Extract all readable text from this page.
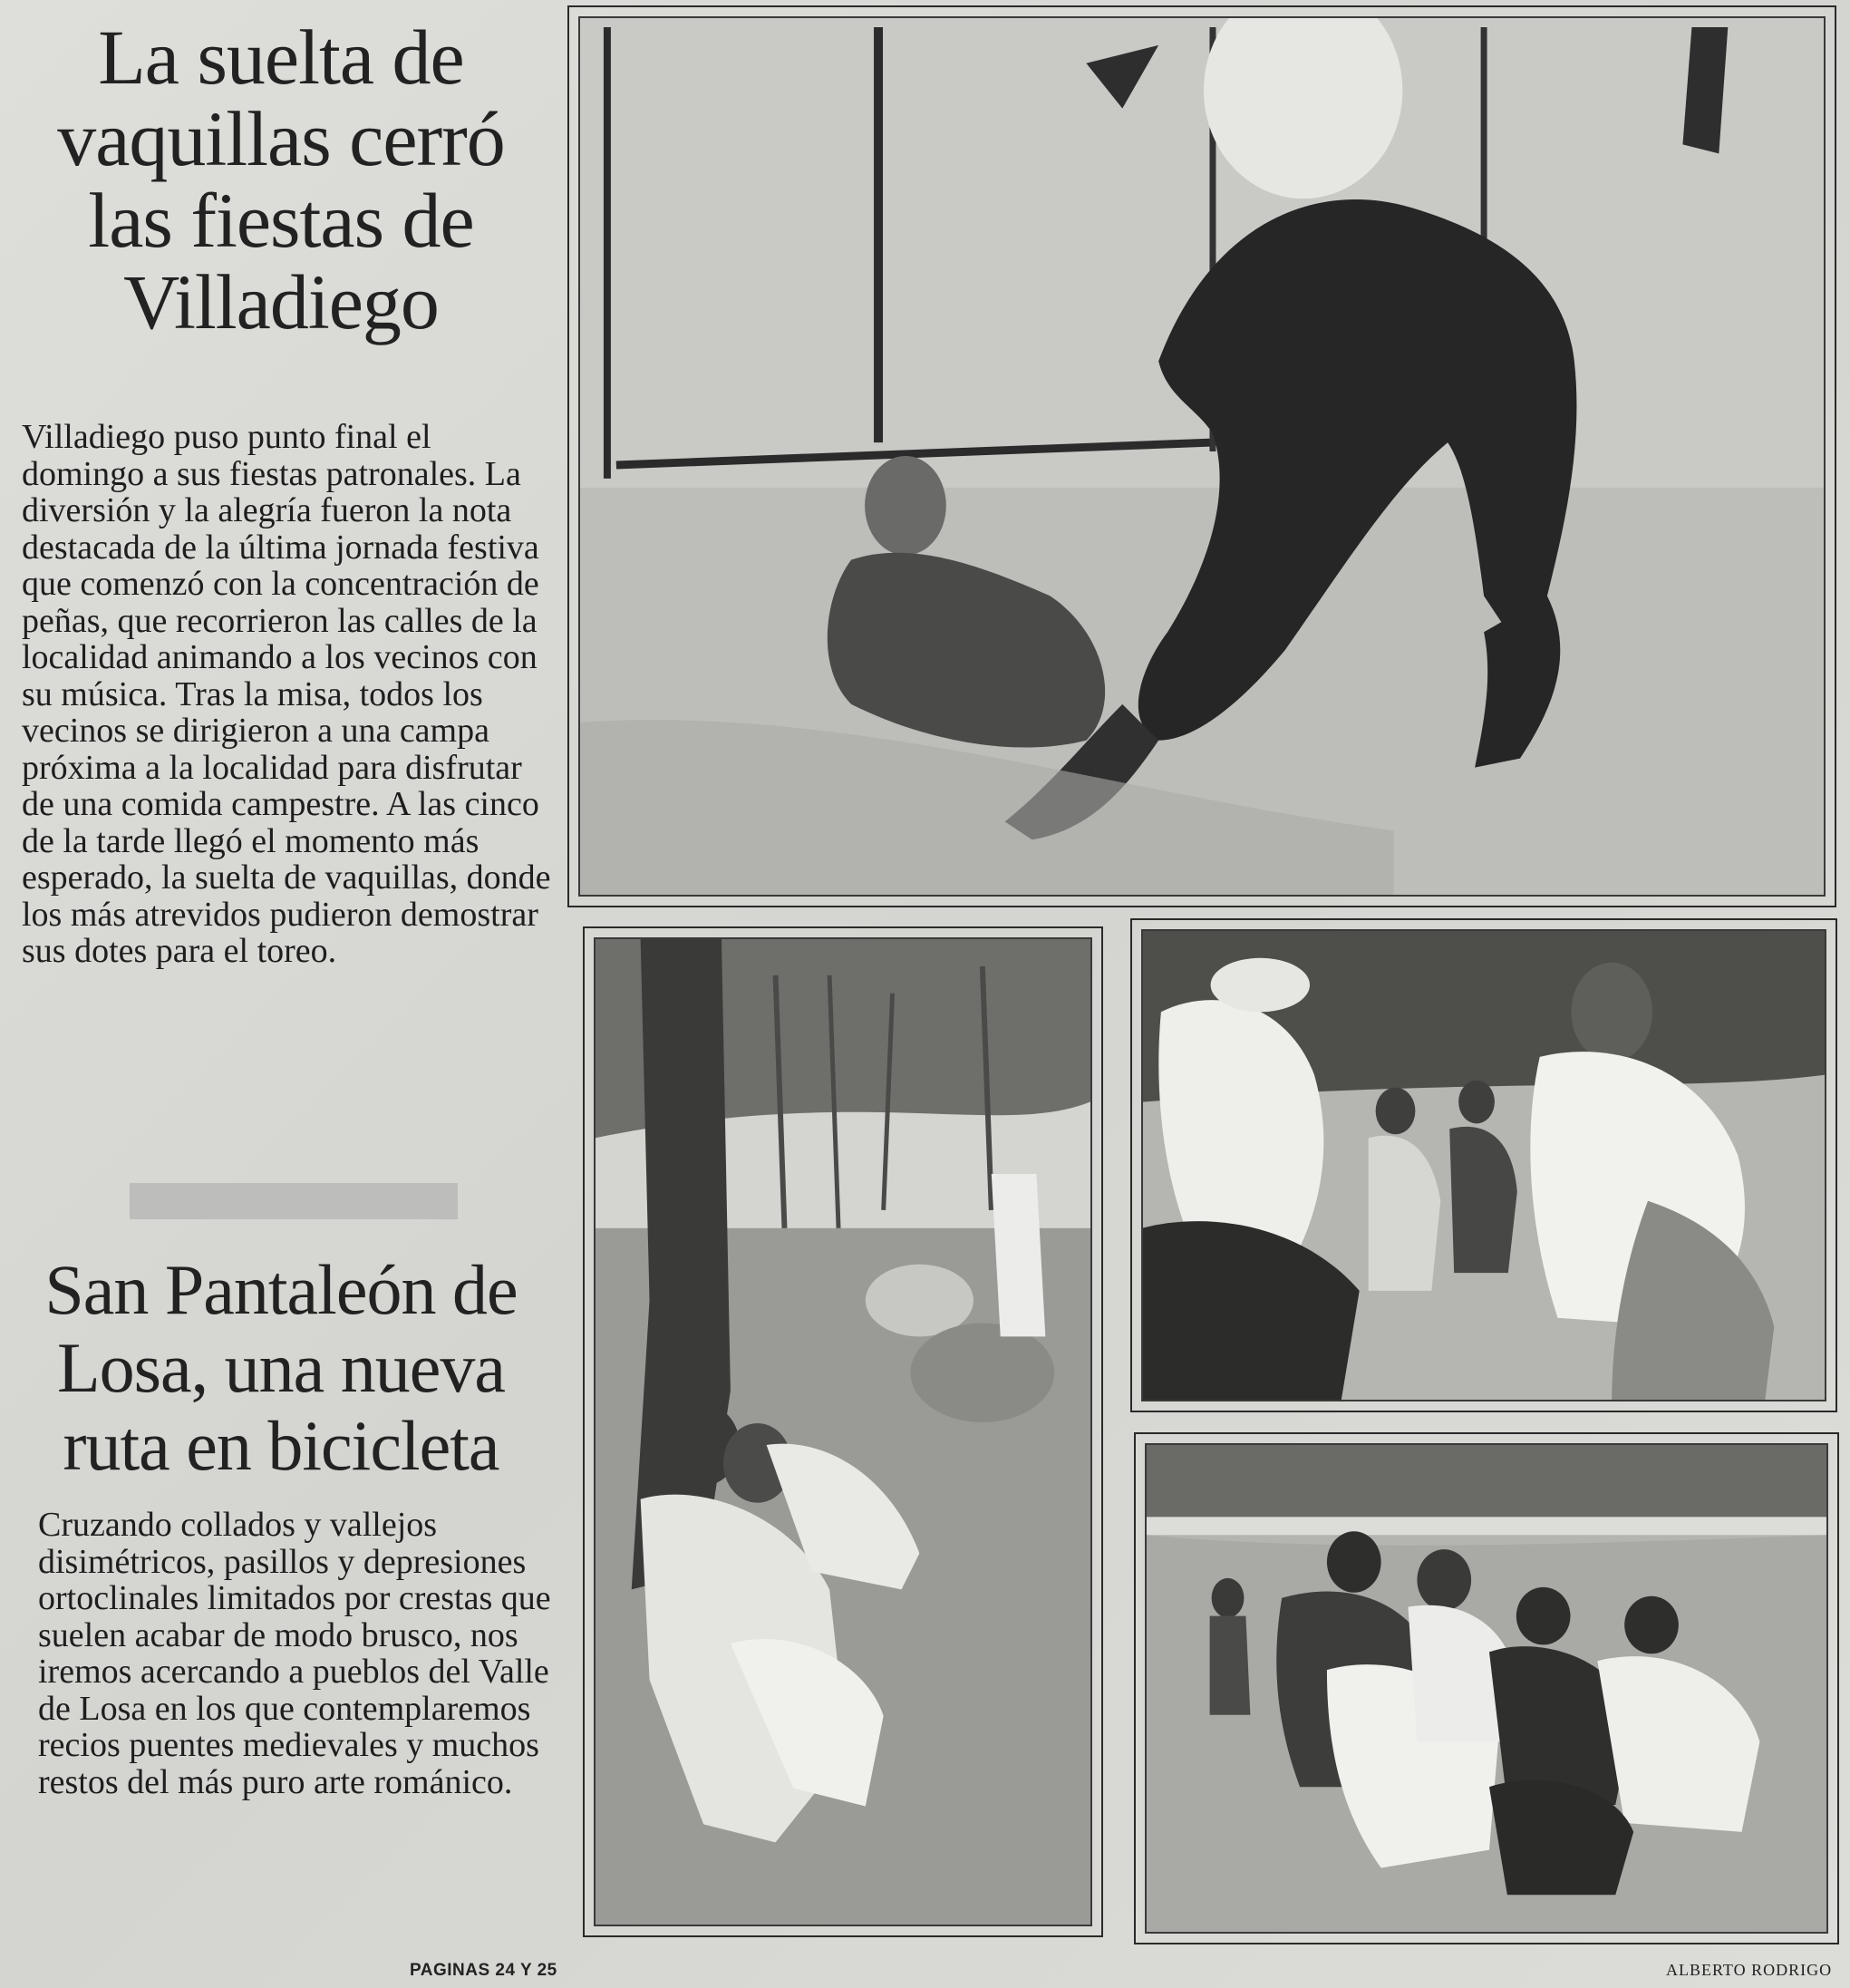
La suelta de vaquillas cerró las fiestas de Villadiego

Villadiego puso punto final el domingo a sus fiestas patronales. La diversión y la alegría fueron la nota destacada de la última jornada festiva que comenzó con la concentración de peñas, que recorrieron las calles de la localidad animando a los vecinos con su música. Tras la misa, todos los vecinos se dirigieron a una campa próxima a la localidad para disfrutar de una comida campestre. A las cinco de la tarde llegó el momento más esperado, la suelta de vaquillas, donde los más atrevidos pudieron demostrar sus dotes para el toreo.

San Pantaleón de Losa, una nueva ruta en bicicleta

Cruzando collados y vallejos disimétricos, pasillos y depresiones ortoclinales limitados por crestas que suelen acabar de modo brusco, nos iremos acercando a pueblos del Valle de Losa en los que contemplaremos recios puentes medievales y muchos restos del más puro arte románico.

PAGINAS 24 Y 25	ALBERTO RODRIGO
